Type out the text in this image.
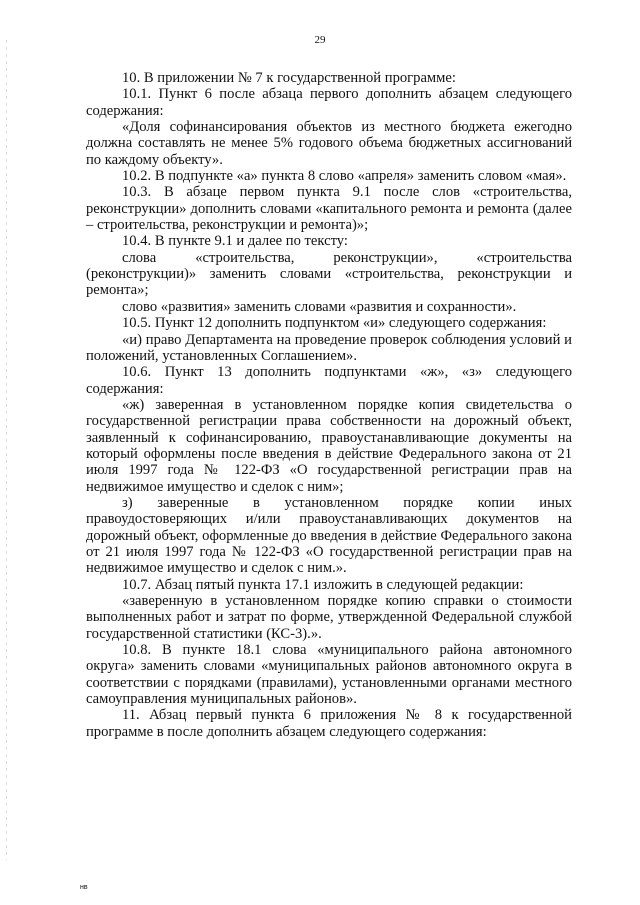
29

10. В приложении № 7 к государственной программе:

10.1. Пункт 6 после абзаца первого дополнить абзацем следующего содержания:

«Доля софинансирования объектов из местного бюджета ежегодно должна составлять не менее 5% годового объема бюджетных ассигнований по каждому объекту».

10.2. В подпункте «а» пункта 8 слово «апреля» заменить словом «мая».

10.3. В абзаце первом пункта 9.1 после слов «строительства, реконструкции» дополнить словами «капитального ремонта и ремонта (далее – строительства, реконструкции и ремонта)»;

10.4. В пункте 9.1 и далее по тексту:

слова «строительства, реконструкции», «строительства (реконструкции)» заменить словами «строительства, реконструкции и ремонта»;

слово «развития» заменить словами «развития и сохранности».

10.5. Пункт 12 дополнить подпунктом «и» следующего содержания:

«и) право Департамента на проведение проверок соблюдения условий и положений, установленных Соглашением».

10.6. Пункт 13 дополнить подпунктами «ж», «з» следующего содержания:

«ж) заверенная в установленном порядке копия свидетельства о государственной регистрации права собственности на дорожный объект, заявленный к софинансированию, правоустанавливающие документы на который оформлены после введения в действие Федерального закона от 21 июля 1997 года № 122-ФЗ «О государственной регистрации прав на недвижимое имущество и сделок с ним»;

з) заверенные в установленном порядке копии иных правоудостоверяющих и/или правоустанавливающих документов на дорожный объект, оформленные до введения в действие Федерального закона от 21 июля 1997 года № 122-ФЗ «О государственной регистрации прав на недвижимое имущество и сделок с ним.».

10.7. Абзац пятый пункта 17.1 изложить в следующей редакции:

«заверенную в установленном порядке копию справки о стоимости выполненных работ и затрат по форме, утвержденной Федеральной службой государственной статистики (КС-3).».

10.8. В пункте 18.1 слова «муниципального района автономного округа» заменить словами «муниципальных районов автономного округа в соответствии с порядками (правилами), установленными органами местного самоуправления муниципальных районов».

11. Абзац первый пункта 6 приложения № 8 к государственной программе в после дополнить абзацем следующего содержания:

нв
